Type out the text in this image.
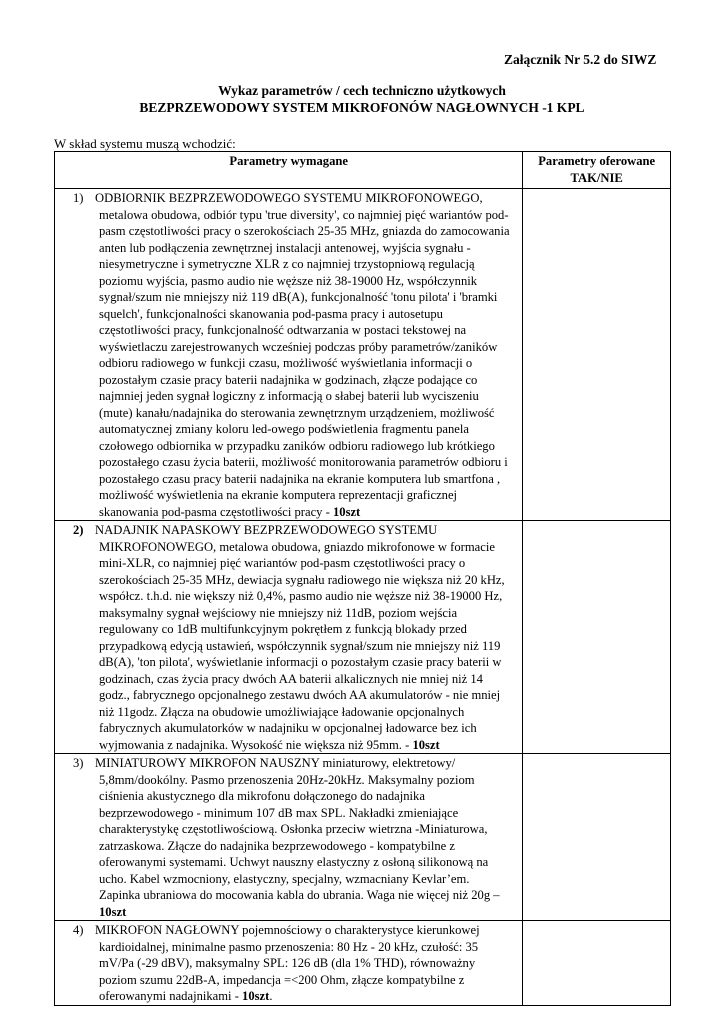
Załącznik Nr 5.2 do SIWZ
Wykaz parametrów / cech techniczno użytkowych
BEZPRZEWODOWY SYSTEM MIKROFONÓW NAGŁOWNYCH -1 KPL
W skład systemu muszą wchodzić:
Parametry wymagane	Parametry oferowane
TAK/NIE

1) ODBIORNIK BEZPRZEWODOWEGO SYSTEMU MIKROFONOWEGO, metalowa obudowa, odbiór typu 'true diversity', co najmniej pięć wariantów pod-pasm częstotliwości pracy o szerokościach 25-35 MHz, gniazda do zamocowania anten lub podłączenia zewnętrznej instalacji antenowej, wyjścia sygnału - niesymetryczne i symetryczne XLR z co najmniej trzystopniową regulacją poziomu wyjścia, pasmo audio nie węższe niż 38-19000 Hz, współczynnik sygnał/szum nie mniejszy niż 119 dB(A), funkcjonalność 'tonu pilota' i 'bramki squelch', funkcjonalności skanowania pod-pasma pracy i autosetupu częstotliwości pracy, funkcjonalność odtwarzania w postaci tekstowej na wyświetlaczu zarejestrowanych wcześniej podczas próby parametrów/zaników odbioru radiowego w funkcji czasu, możliwość wyświetlania informacji o pozostałym czasie pracy baterii nadajnika w godzinach, złącze podające co najmniej jeden sygnał logiczny z informacją o słabej baterii lub wyciszeniu (mute) kanału/nadajnika do sterowania zewnętrznym urządzeniem, możliwość automatycznej zmiany koloru led-owego podświetlenia fragmentu panela czołowego odbiornika w przypadku zaników odbioru radiowego lub krótkiego pozostałego czasu życia baterii, możliwość monitorowania parametrów odbioru i pozostałego czasu pracy baterii nadajnika na ekranie komputera lub smartfona , możliwość wyświetlenia na ekranie komputera reprezentacji graficznej skanowania pod-pasma częstotliwości pracy - 10szt	

2) NADAJNIK NAPASKOWY BEZPRZEWODOWEGO SYSTEMU MIKROFONOWEGO, metalowa obudowa, gniazdo mikrofonowe w formacie mini-XLR, co najmniej pięć wariantów pod-pasm częstotliwości pracy o szerokościach 25-35 MHz, dewiacja sygnału radiowego nie większa niż 20 kHz, współcz. t.h.d. nie większy niż 0,4%, pasmo audio nie węższe niż 38-19000 Hz, maksymalny sygnał wejściowy nie mniejszy niż 11dB, poziom wejścia regulowany co 1dB multifunkcyjnym pokrętłem z funkcją blokady przed przypadkową edycją ustawień, współczynnik sygnał/szum nie mniejszy niż 119 dB(A), 'ton pilota', wyświetlanie informacji o pozostałym czasie pracy baterii w godzinach, czas życia pracy dwóch AA baterii alkalicznych nie mniej niż 14 godz., fabrycznego opcjonalnego zestawu dwóch AA akumulatorów - nie mniej niż 11godz. Złącza na obudowie umożliwiające ładowanie opcjonalnych fabrycznych akumulatorków w nadajniku w opcjonalnej ładowarce bez ich wyjmowania z nadajnika. Wysokość nie większa niż 95mm. - 10szt	

3) MINIATUROWY MIKROFON NAUSZNY miniaturowy, elektretowy/ 5,8mm/dookólny. Pasmo przenoszenia 20Hz-20kHz. Maksymalny poziom ciśnienia akustycznego dla mikrofonu dołączonego do nadajnika bezprzewodowego - minimum 107 dB max SPL. Nakładki zmieniające charakterystykę częstotliwościową. Osłonka przeciw wietrzna -Miniaturowa, zatrzaskowa. Złącze do nadajnika bezprzewodowego - kompatybilne z oferowanymi systemami. Uchwyt nauszny elastyczny z osłoną silikonową na ucho. Kabel wzmocniony, elastyczny, specjalny, wzmacniany Kevlar’em. Zapinka ubraniowa do mocowania kabla do ubrania. Waga nie więcej niż 20g – 10szt	

4) MIKROFON NAGŁOWNY pojemnościowy o charakterystyce kierunkowej kardioidalnej, minimalne pasmo przenoszenia: 80 Hz - 20 kHz, czułość: 35 mV/Pa (-29 dBV), maksymalny SPL: 126 dB (dla 1% THD), równoważny poziom szumu 22dB-A, impedancja =<200 Ohm, złącze kompatybilne z oferowanymi nadajnikami - 10szt.	
